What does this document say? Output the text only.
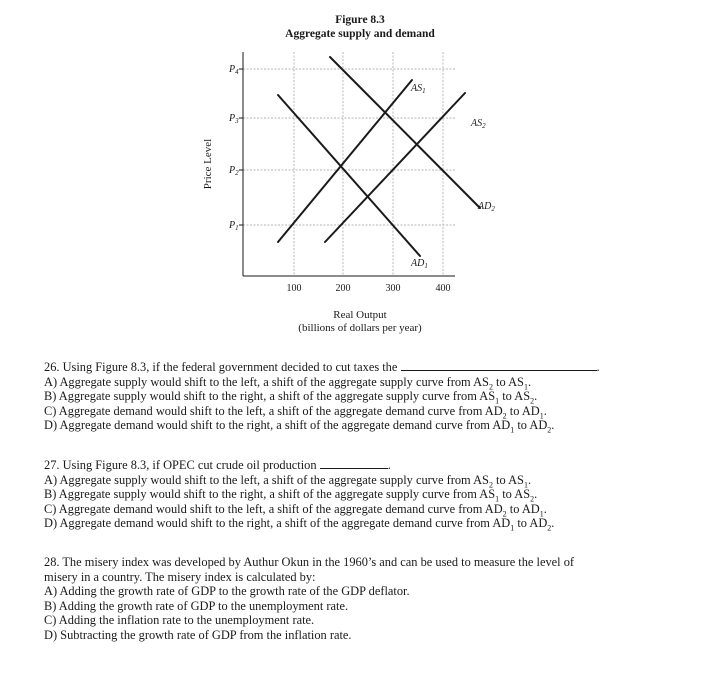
Figure 8.3
Aggregate supply and demand
Price Level
$P_4$
$P_3$
$P_2$
$P_1$
100	200	300	400
$AS_1$
$AS_2$
$AD_1$
$AD_2$
Real Output
(billions of dollars per year)

26. Using Figure 8.3, if the federal government decided to cut taxes the	.

A) Aggregate supply would shift to the left, a shift of the aggregate supply curve from $AS_2$ to $AS_1$.

B) Aggregate supply would shift to the right, a shift of the aggregate supply curve from $AS_1$ to $AS_2$.

C) Aggregate demand would shift to the left, a shift of the aggregate demand curve from $AD_2$ to $AD_1$.

D) Aggregate demand would shift to the right, a shift of the aggregate demand curve from $AD_1$ to $AD_2$.

27. Using Figure 8.3, if OPEC cut crude oil production	.

A) Aggregate supply would shift to the left, a shift of the aggregate supply curve from $AS_2$ to $AS_1$.

B) Aggregate supply would shift to the right, a shift of the aggregate supply curve from $AS_1$ to $AS_2$.

C) Aggregate demand would shift to the left, a shift of the aggregate demand curve from $AD_2$ to $AD_1$.

D) Aggregate demand would shift to the right, a shift of the aggregate demand curve from $AD_1$ to $AD_2$.

28. The misery index was developed by Authur Okun in the 1960’s and can be used to measure the level of

misery in a country. The misery index is calculated by:

A) Adding the growth rate of GDP to the growth rate of the GDP deflator.

B) Adding the growth rate of GDP to the unemployment rate.

C) Adding the inflation rate to the unemployment rate.

D) Subtracting the growth rate of GDP from the inflation rate.
